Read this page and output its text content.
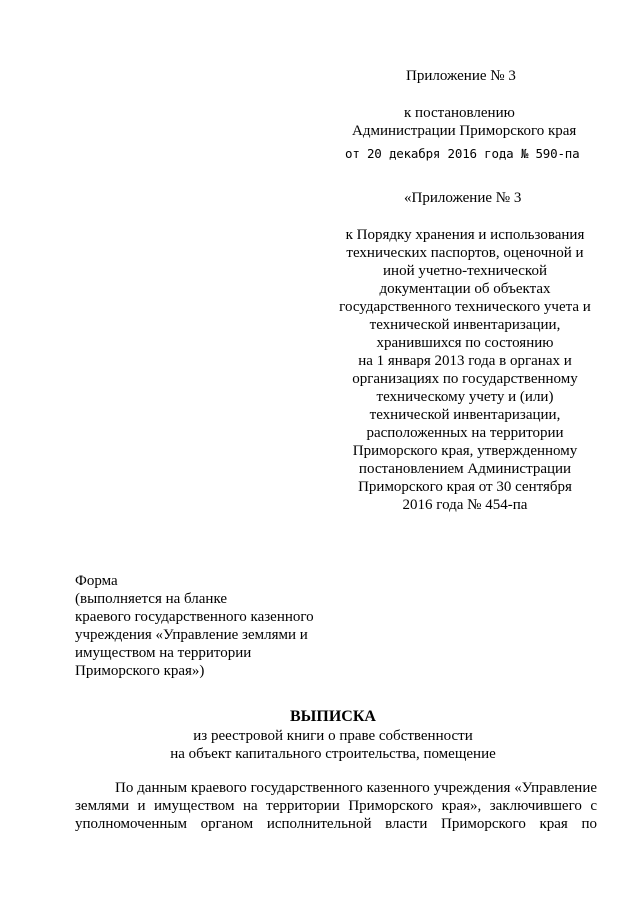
Приложение № 3
к постановлению
Администрации Приморского края
от 20 декабря 2016 года № 590-па
«Приложение № 3
к Порядку хранения и использования
технических паспортов, оценочной и
иной учетно-технической
документации об объектах
государственного технического учета и
технической инвентаризации,
хранившихся по состоянию
на 1 января 2013 года в органах и
организациях по государственному
техническому учету и (или)
технической инвентаризации,
расположенных на территории
Приморского края, утвержденному
постановлением Администрации
Приморского края от 30 сентября
2016 года № 454-па
Форма
(выполняется на бланке
краевого государственного казенного
учреждения «Управление землями и
имуществом на территории
Приморского края»)
ВЫПИСКА
из реестровой книги о праве собственности
на объект капитального строительства, помещение
По данным краевого государственного казенного учреждения «Управление
землями и имуществом на территории Приморского края», заключившего с
уполномоченным органом исполнительной власти Приморского края по
